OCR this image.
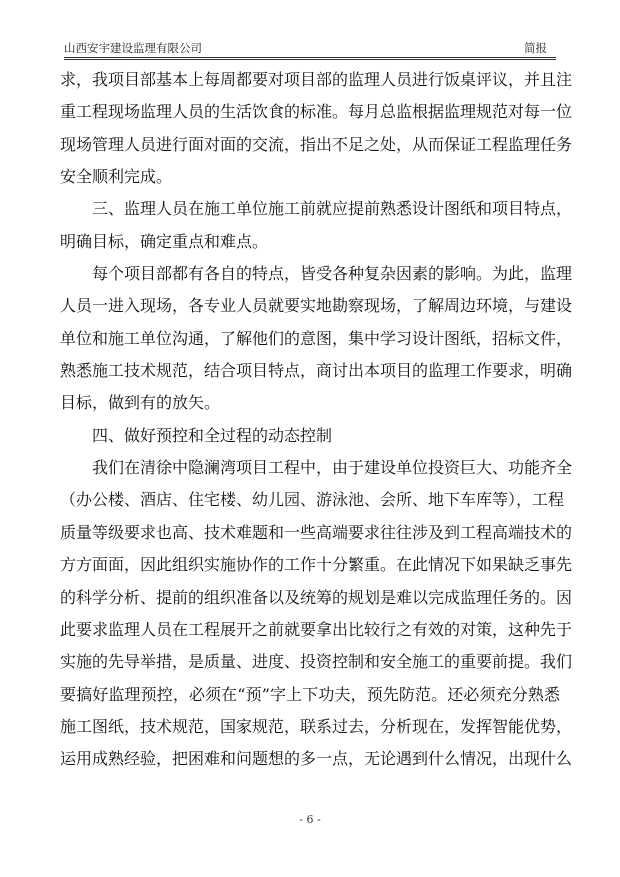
山西安宇建设监理有限公司	简报
求，我项目部基本上每周都要对项目部的监理人员进行饭桌评议，并且注
重工程现场监理人员的生活饮食的标准。每月总监根据监理规范对每一位
现场管理人员进行面对面的交流，指出不足之处，从而保证工程监理任务
安全顺利完成。
三、监理人员在施工单位施工前就应提前熟悉设计图纸和项目特点，
明确目标，确定重点和难点。
每个项目部都有各自的特点，皆受各种复杂因素的影响。为此，监理
人员一进入现场，各专业人员就要实地勘察现场，了解周边环境，与建设
单位和施工单位沟通，了解他们的意图，集中学习设计图纸，招标文件，
熟悉施工技术规范，结合项目特点，商讨出本项目的监理工作要求，明确
目标，做到有的放矢。
四、做好预控和全过程的动态控制
我们在清徐中隐澜湾项目工程中，由于建设单位投资巨大、功能齐全
（办公楼、酒店、住宅楼、幼儿园、游泳池、会所、地下车库等），工程
质量等级要求也高、技术难题和一些高端要求往往涉及到工程高端技术的
方方面面，因此组织实施协作的工作十分繁重。在此情况下如果缺乏事先
的科学分析、提前的组织准备以及统筹的规划是难以完成监理任务的。因
此要求监理人员在工程展开之前就要拿出比较行之有效的对策，这种先于
实施的先导举措，是质量、进度、投资控制和安全施工的重要前提。我们
要搞好监理预控，必须在“预”字上下功夫，预先防范。还必须充分熟悉
施工图纸，技术规范，国家规范，联系过去，分析现在，发挥智能优势，
运用成熟经验，把困难和问题想的多一点，无论遇到什么情况，出现什么
- 6 -
